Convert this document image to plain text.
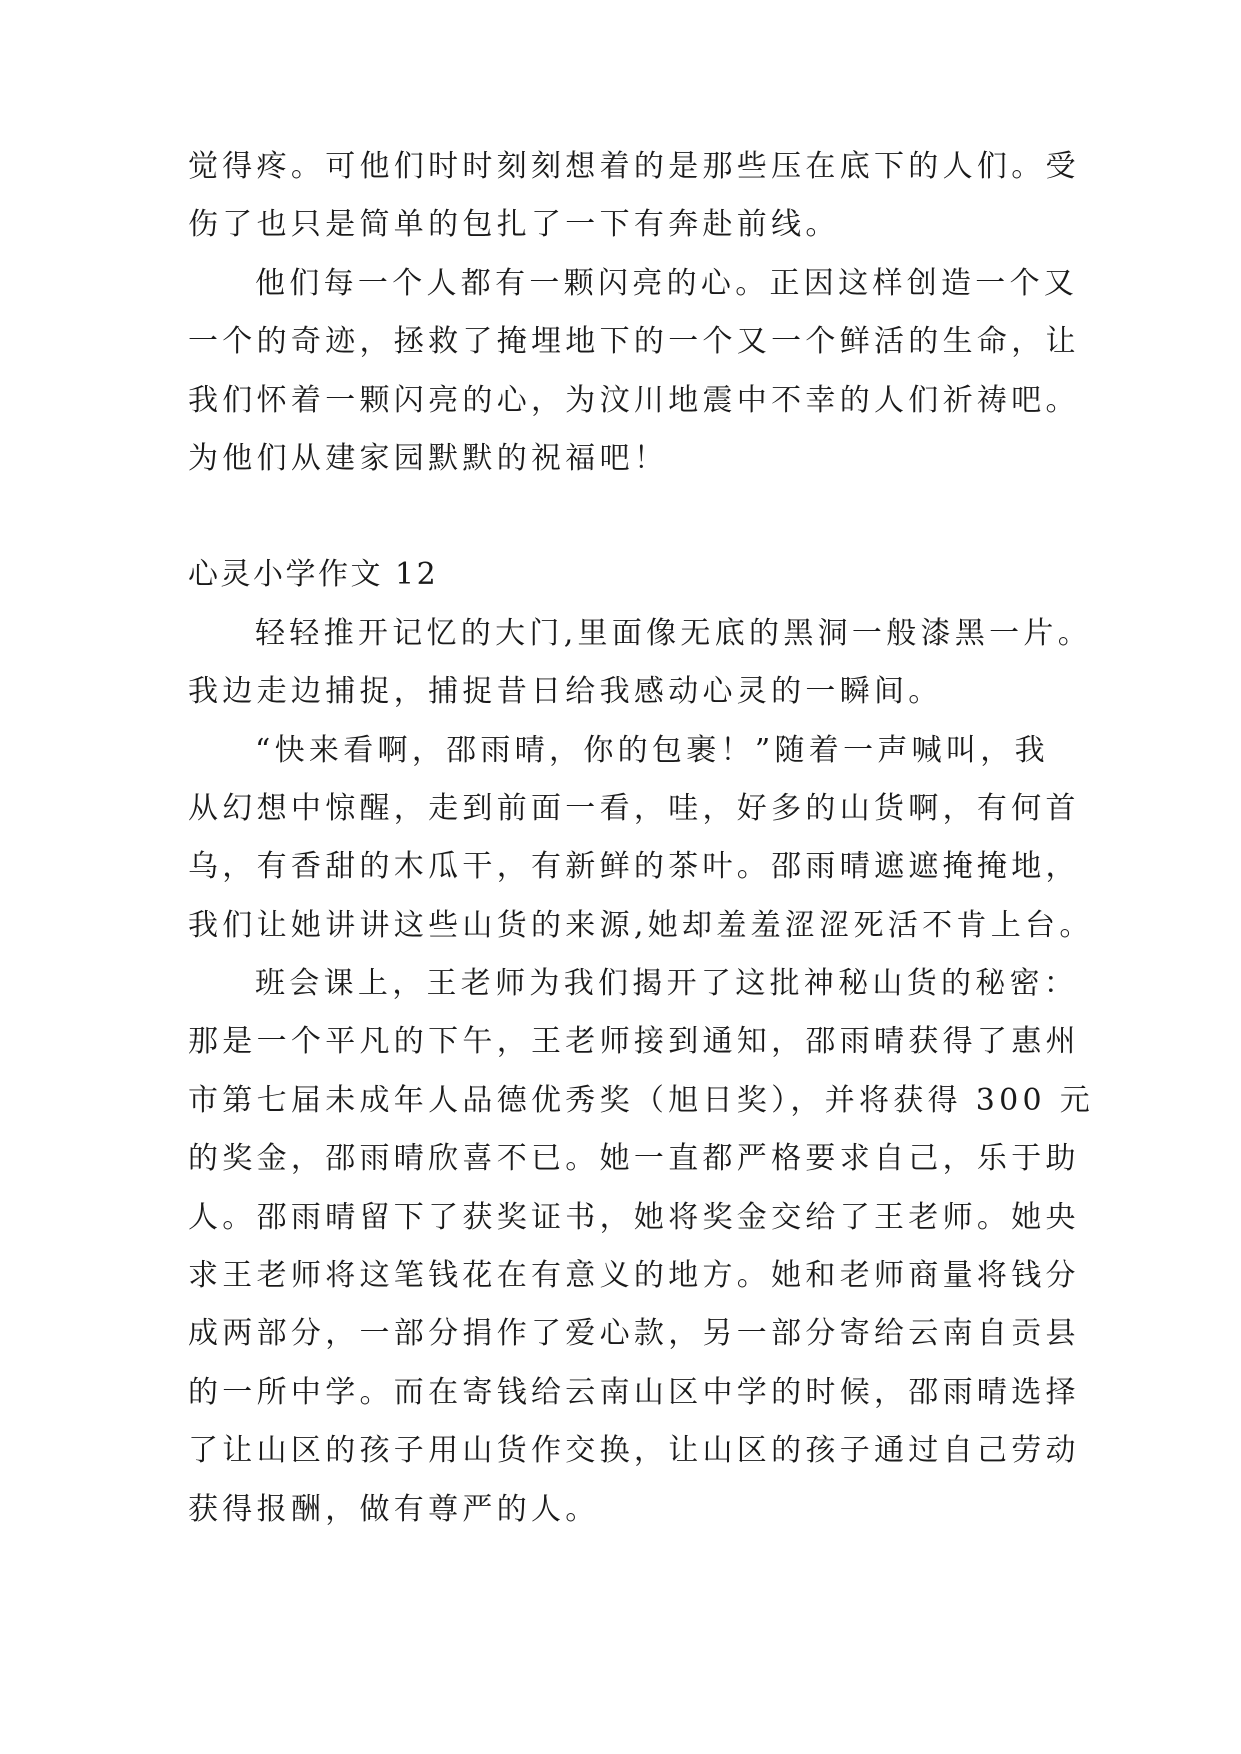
觉得疼。可他们时时刻刻想着的是那些压在底下的人们。受
伤了也只是简单的包扎了一下有奔赴前线。
他们每一个人都有一颗闪亮的心。正因这样创造一个又
一个的奇迹，拯救了掩埋地下的一个又一个鲜活的生命，让
我们怀着一颗闪亮的心，为汶川地震中不幸的人们祈祷吧。
为他们从建家园默默的祝福吧！
心灵小学作文 12
轻轻推开记忆的大门,里面像无底的黑洞一般漆黑一片。
我边走边捕捉，捕捉昔日给我感动心灵的一瞬间。
“快来看啊，邵雨晴，你的包裹！”随着一声喊叫，我
从幻想中惊醒，走到前面一看，哇，好多的山货啊，有何首
乌，有香甜的木瓜干，有新鲜的茶叶。邵雨晴遮遮掩掩地，
我们让她讲讲这些山货的来源,她却羞羞涩涩死活不肯上台。
班会课上，王老师为我们揭开了这批神秘山货的秘密：
那是一个平凡的下午，王老师接到通知，邵雨晴获得了惠州
市第七届未成年人品德优秀奖（旭日奖），并将获得 300 元
的奖金，邵雨晴欣喜不已。她一直都严格要求自己，乐于助
人。邵雨晴留下了获奖证书，她将奖金交给了王老师。她央
求王老师将这笔钱花在有意义的地方。她和老师商量将钱分
成两部分，一部分捐作了爱心款，另一部分寄给云南自贡县
的一所中学。而在寄钱给云南山区中学的时候，邵雨晴选择
了让山区的孩子用山货作交换，让山区的孩子通过自己劳动
获得报酬，做有尊严的人。
